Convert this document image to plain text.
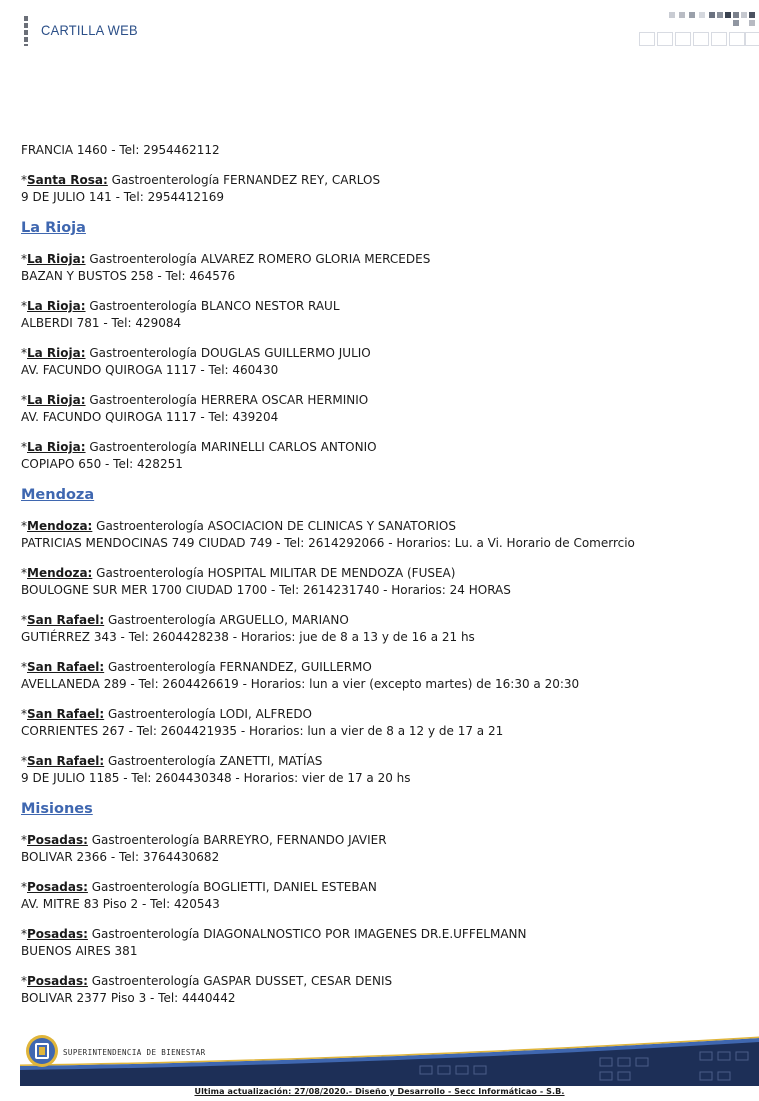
CARTILLA WEB
FRANCIA 1460 - Tel: 2954462112
*Santa Rosa: Gastroenterología FERNANDEZ REY, CARLOS
9 DE JULIO 141 - Tel: 2954412169
La Rioja
*La Rioja: Gastroenterología ALVAREZ ROMERO GLORIA MERCEDES
BAZAN Y BUSTOS 258 - Tel: 464576
*La Rioja: Gastroenterología BLANCO NESTOR RAUL
ALBERDI 781 - Tel: 429084
*La Rioja: Gastroenterología DOUGLAS GUILLERMO JULIO
AV. FACUNDO QUIROGA 1117 - Tel: 460430
*La Rioja: Gastroenterología HERRERA OSCAR HERMINIO
AV. FACUNDO QUIROGA 1117 - Tel: 439204
*La Rioja: Gastroenterología MARINELLI CARLOS ANTONIO
COPIAPO 650 - Tel: 428251
Mendoza
*Mendoza: Gastroenterología ASOCIACION DE CLINICAS Y SANATORIOS
PATRICIAS MENDOCINAS 749 CIUDAD 749 - Tel: 2614292066 - Horarios: Lu. a Vi. Horario de Comerrcio
*Mendoza: Gastroenterología HOSPITAL MILITAR DE MENDOZA (FUSEA)
BOULOGNE SUR MER 1700 CIUDAD 1700 - Tel: 2614231740 - Horarios: 24 HORAS
*San Rafael: Gastroenterología ARGUELLO, MARIANO
GUTIÉRREZ 343 - Tel: 2604428238 - Horarios: jue de 8 a 13 y de 16 a 21 hs
*San Rafael: Gastroenterología FERNANDEZ, GUILLERMO
AVELLANEDA 289 - Tel: 2604426619 - Horarios: lun a vier (excepto martes) de 16:30 a 20:30
*San Rafael: Gastroenterología LODI, ALFREDO
CORRIENTES 267 - Tel: 2604421935 - Horarios: lun a vier de 8 a 12 y de 17 a 21
*San Rafael: Gastroenterología ZANETTI, MATÍAS
9 DE JULIO 1185 - Tel: 2604430348 - Horarios: vier de 17 a 20 hs
Misiones
*Posadas: Gastroenterología BARREYRO, FERNANDO JAVIER
BOLIVAR 2366 - Tel: 3764430682
*Posadas: Gastroenterología BOGLIETTI, DANIEL ESTEBAN
AV. MITRE 83 Piso 2 - Tel: 420543
*Posadas: Gastroenterología DIAGONALNOSTICO POR IMAGENES DR.E.UFFELMANN
BUENOS AIRES 381
*Posadas: Gastroenterología GASPAR DUSSET, CESAR DENIS
BOLIVAR 2377 Piso 3 - Tel: 4440442
SUPERINTENDENCIA DE BIENESTAR
Ultima actualización: 27/08/2020.- Diseño y Desarrollo - Secc Informáticao - S.B.
